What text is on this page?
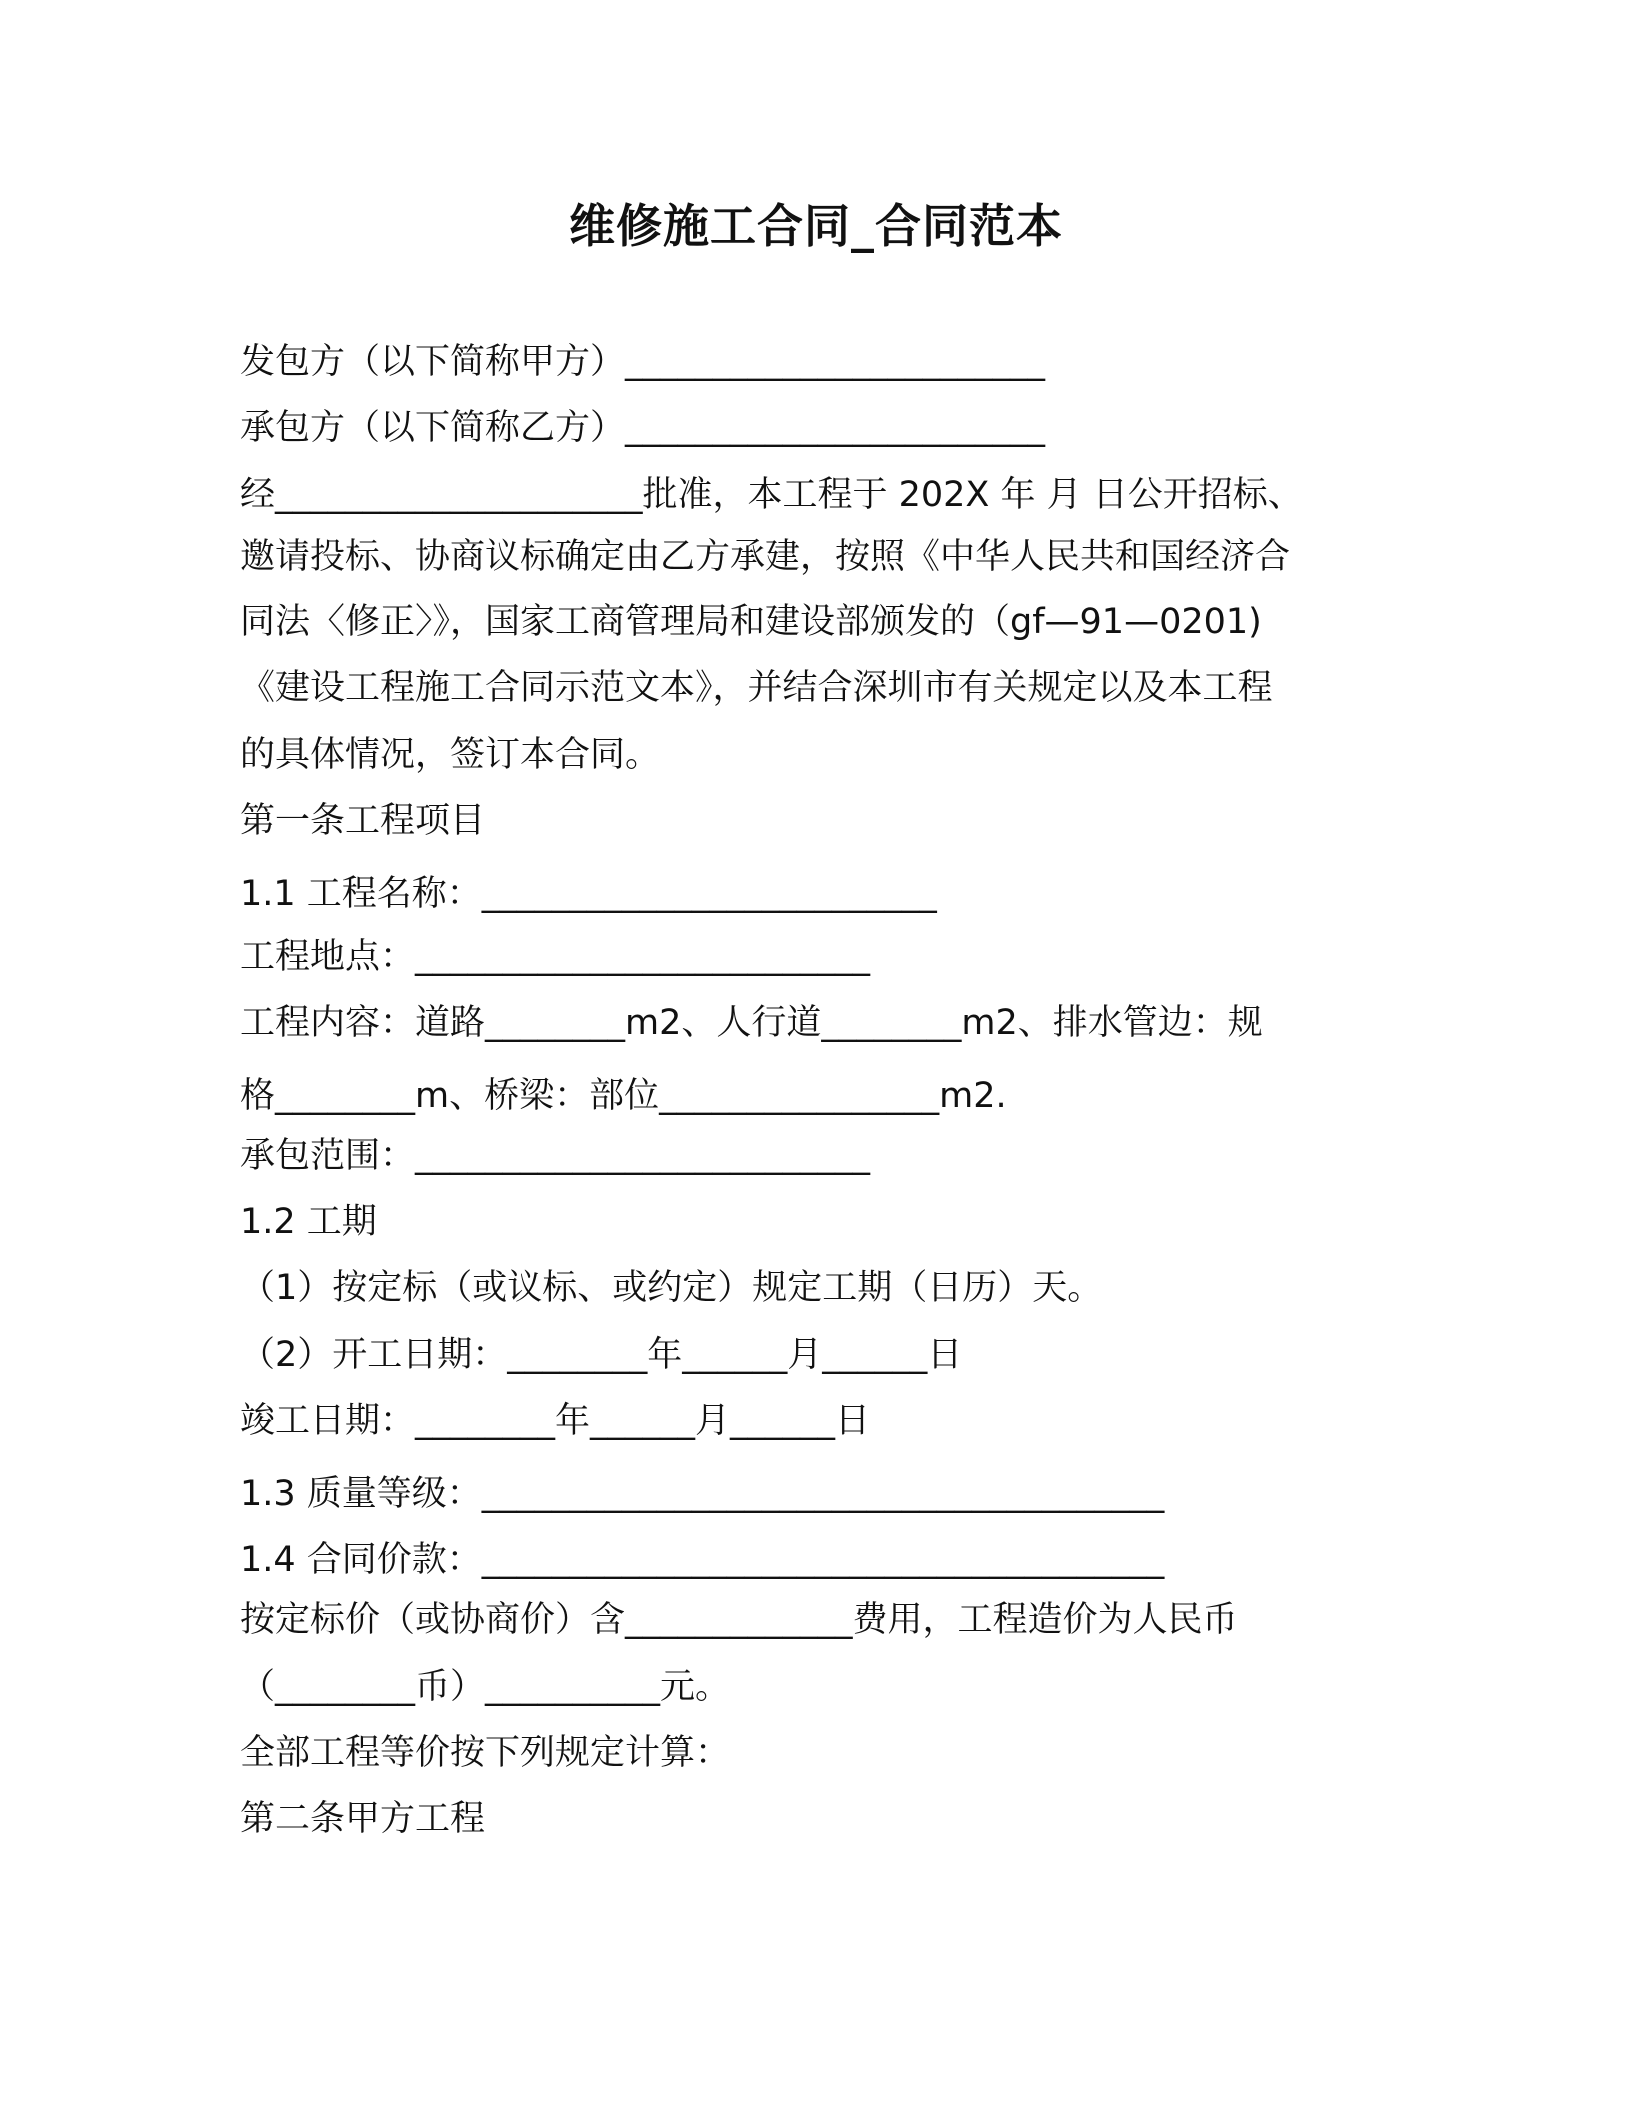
维修施工合同_合同范本
发包方（以下简称甲方）________________________
承包方（以下简称乙方）________________________
经_____________________批准，本工程于 202X 年 月 日公开招标、
邀请投标、协商议标确定由乙方承建，按照《中华人民共和国经济合
同法〈修正〉》，国家工商管理局和建设部颁发的（gf—91—0201)
《建设工程施工合同示范文本》，并结合深圳市有关规定以及本工程
的具体情况，签订本合同。
第一条工程项目
1.1 工程名称：__________________________
工程地点：__________________________
工程内容：道路________m2、人行道________m2、排水管边：规
格________m、桥梁：部位________________m2.
承包范围：__________________________
1.2 工期
（1）按定标（或议标、或约定）规定工期（日历）天。
（2）开工日期：________年______月______日
竣工日期：________年______月______日
1.3 质量等级：_______________________________________
1.4 合同价款：_______________________________________
按定标价（或协商价）含_____________费用，工程造价为人民币
（________币）__________元。
全部工程等价按下列规定计算：
第二条甲方工程
